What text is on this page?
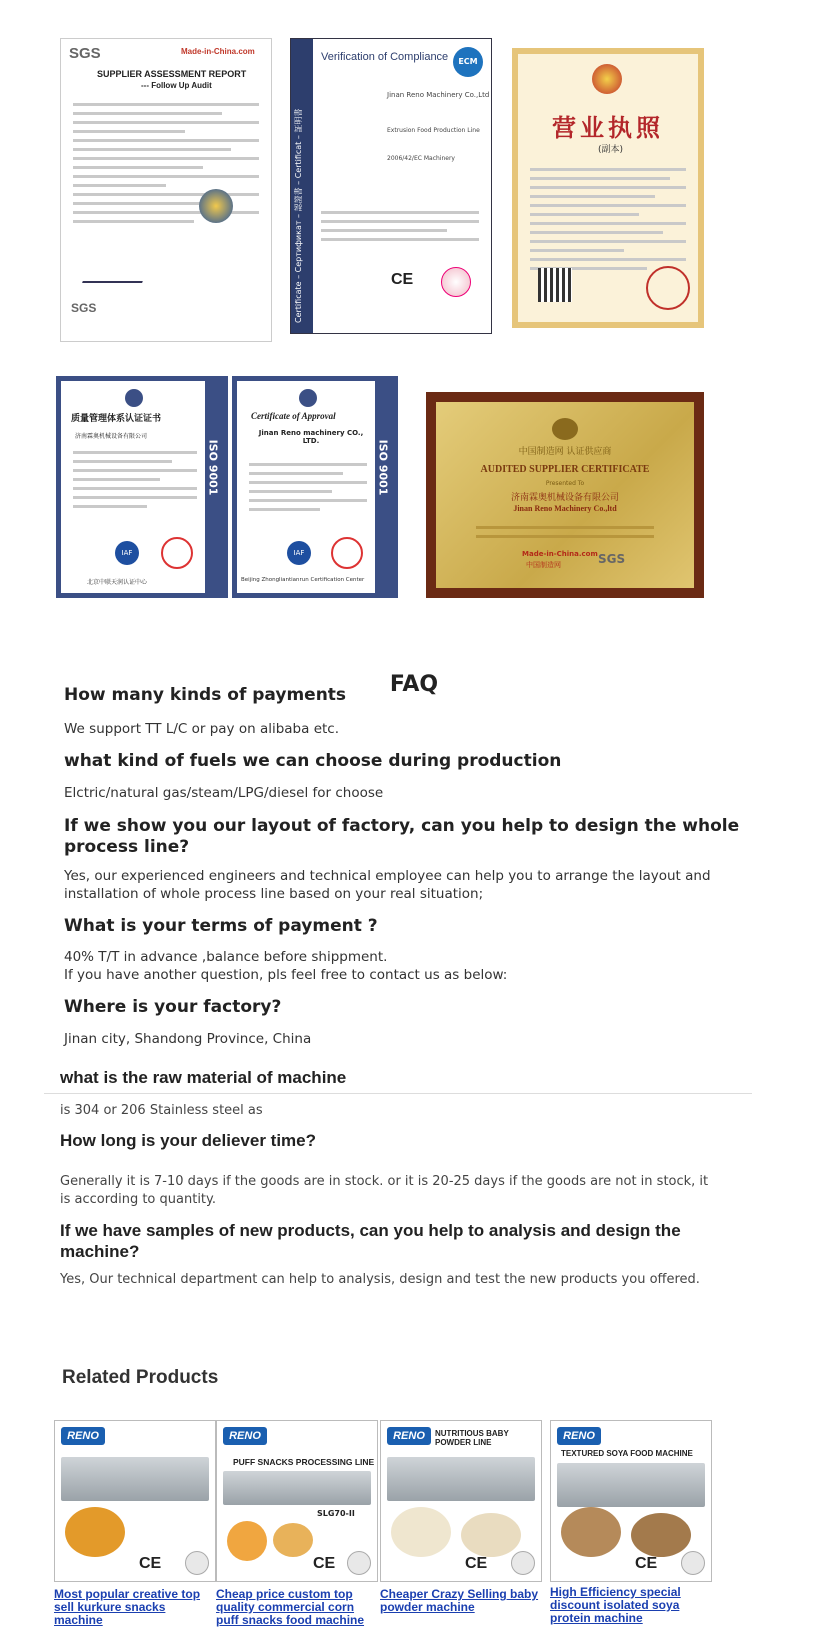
SGS	Made-in-China.com
SUPPLIER ASSESSMENT REPORT
--- Follow Up Audit
SGS	Certificate – Сертификат – 認證書 – Certificat – 証明書
Verification of Compliance	ECM
Jinan Reno Machinery Co.,Ltd
Extrusion Food Production Line
2006/42/EC Machinery
CE
营业执照
(副本)
ISO 9001
质量管理体系认证证书
济南霖奥机械设备有限公司
IAF
北京中联天润认证中心
ISO 9001
Certificate of Approval
Jinan Reno machinery CO., LTD.
IAF
Beijing Zhongliantianrun Certification Center
中国制造网 认证供应商
AUDITED SUPPLIER CERTIFICATE
Presented To
济南霖奥机械设备有限公司
Jinan Reno Machinery Co.,ltd
Made-in-China.com
中国制造网	SGS
FAQ
How many kinds of payments
We support TT L/C or pay on alibaba etc.
what kind of fuels we can choose during production
Elctric/natural gas/steam/LPG/diesel for choose
If we show you our layout of factory, can you help to design the whole process line?
Yes, our experienced engineers and technical employee can help you to arrange the layout and installation of whole process line based on your real situation;
What is your terms of payment ?
40% T/T in advance ,balance before shippment.
If you have another question, pls feel free to contact us as below:
Where is your factory?
Jinan city, Shandong Province, China
what is the raw material of machine
is 304 or 206 Stainless steel as
How long is your deliever time?
Generally it is 7-10 days if the goods are in stock. or it is 20-25 days if the goods are not in stock, it is according to quantity.
If we have samples of new products, can you help to analysis and design the machine?
Yes, Our technical department can help to analysis, design and test the new products you offered.
Related Products
RENO
CE
RENO
PUFF SNACKS PROCESSING LINE
SLG70-II
CE
RENO	NUTRITIOUS BABY POWDER LINE
CE
RENO
TEXTURED SOYA FOOD MACHINE
CE
Most popular creative top sell kurkure snacks machine
Cheap price custom top quality commercial corn puff snacks food machine
Cheaper Crazy Selling baby powder machine
High Efficiency special discount isolated soya protein machine
